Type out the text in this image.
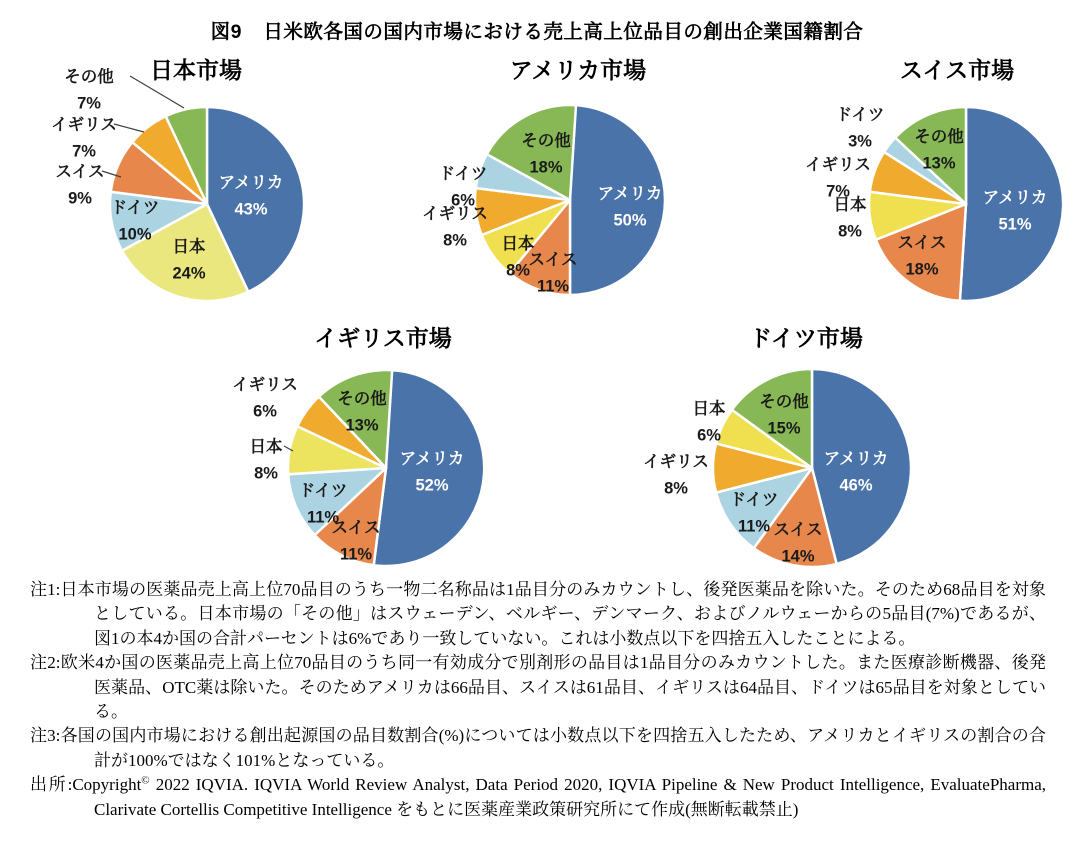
アメリカ
43%
日本
24%
ドイツ
10%
スイス
9%
イギリス
7%
その他
7%
日本市場
アメリカ
50%
スイス
11%
日本
8%
イギリス
8%
ドイツ
6%
その他
18%
アメリカ市場
アメリカ
51%
スイス
18%
日本
8%
イギリス
7%
ドイツ
3%	その他
13%
スイス市場
アメリカ
52%
スイス
11%
ドイツ
11%
日本
8%
イギリス
6%
その他
13%
イギリス市場
アメリカ
46%
スイス
14%
ドイツ
11%
イギリス
8%
日本
6%
その他
15%
ドイツ市場
図9 日米欧各国の国内市場における売上高上位品目の創出企業国籍割合
注1:日本市場の医薬品売上高上位70品目のうち一物二名称品は1品目分のみカウントし、後発医薬品を除いた。そのため68品目を対象としている。日本市場の「その他」はスウェーデン、ベルギー、デンマーク、およびノルウェーからの5品目(7%)であるが、図1の本4か国の合計パーセントは6%であり一致していない。これは小数点以下を四捨五入したことによる。
注2:欧米4か国の医薬品売上高上位70品目のうち同一有効成分で別剤形の品目は1品目分のみカウントした。また医療診断機器、後発医薬品、OTC薬は除いた。そのためアメリカは66品目、スイスは61品目、イギリスは64品目、ドイツは65品目を対象としている。
注3:各国の国内市場における創出起源国の品目数割合(%)については小数点以下を四捨五入したため、アメリカとイギリスの割合の合計が100%ではなく101%となっている。
出所:Copyright© 2022 IQVIA. IQVIA World Review Analyst, Data Period 2020, IQVIA Pipeline & New Product Intelligence, EvaluatePharma, Clarivate Cortellis Competitive Intelligence をもとに医薬産業政策研究所にて作成(無断転載禁止)
